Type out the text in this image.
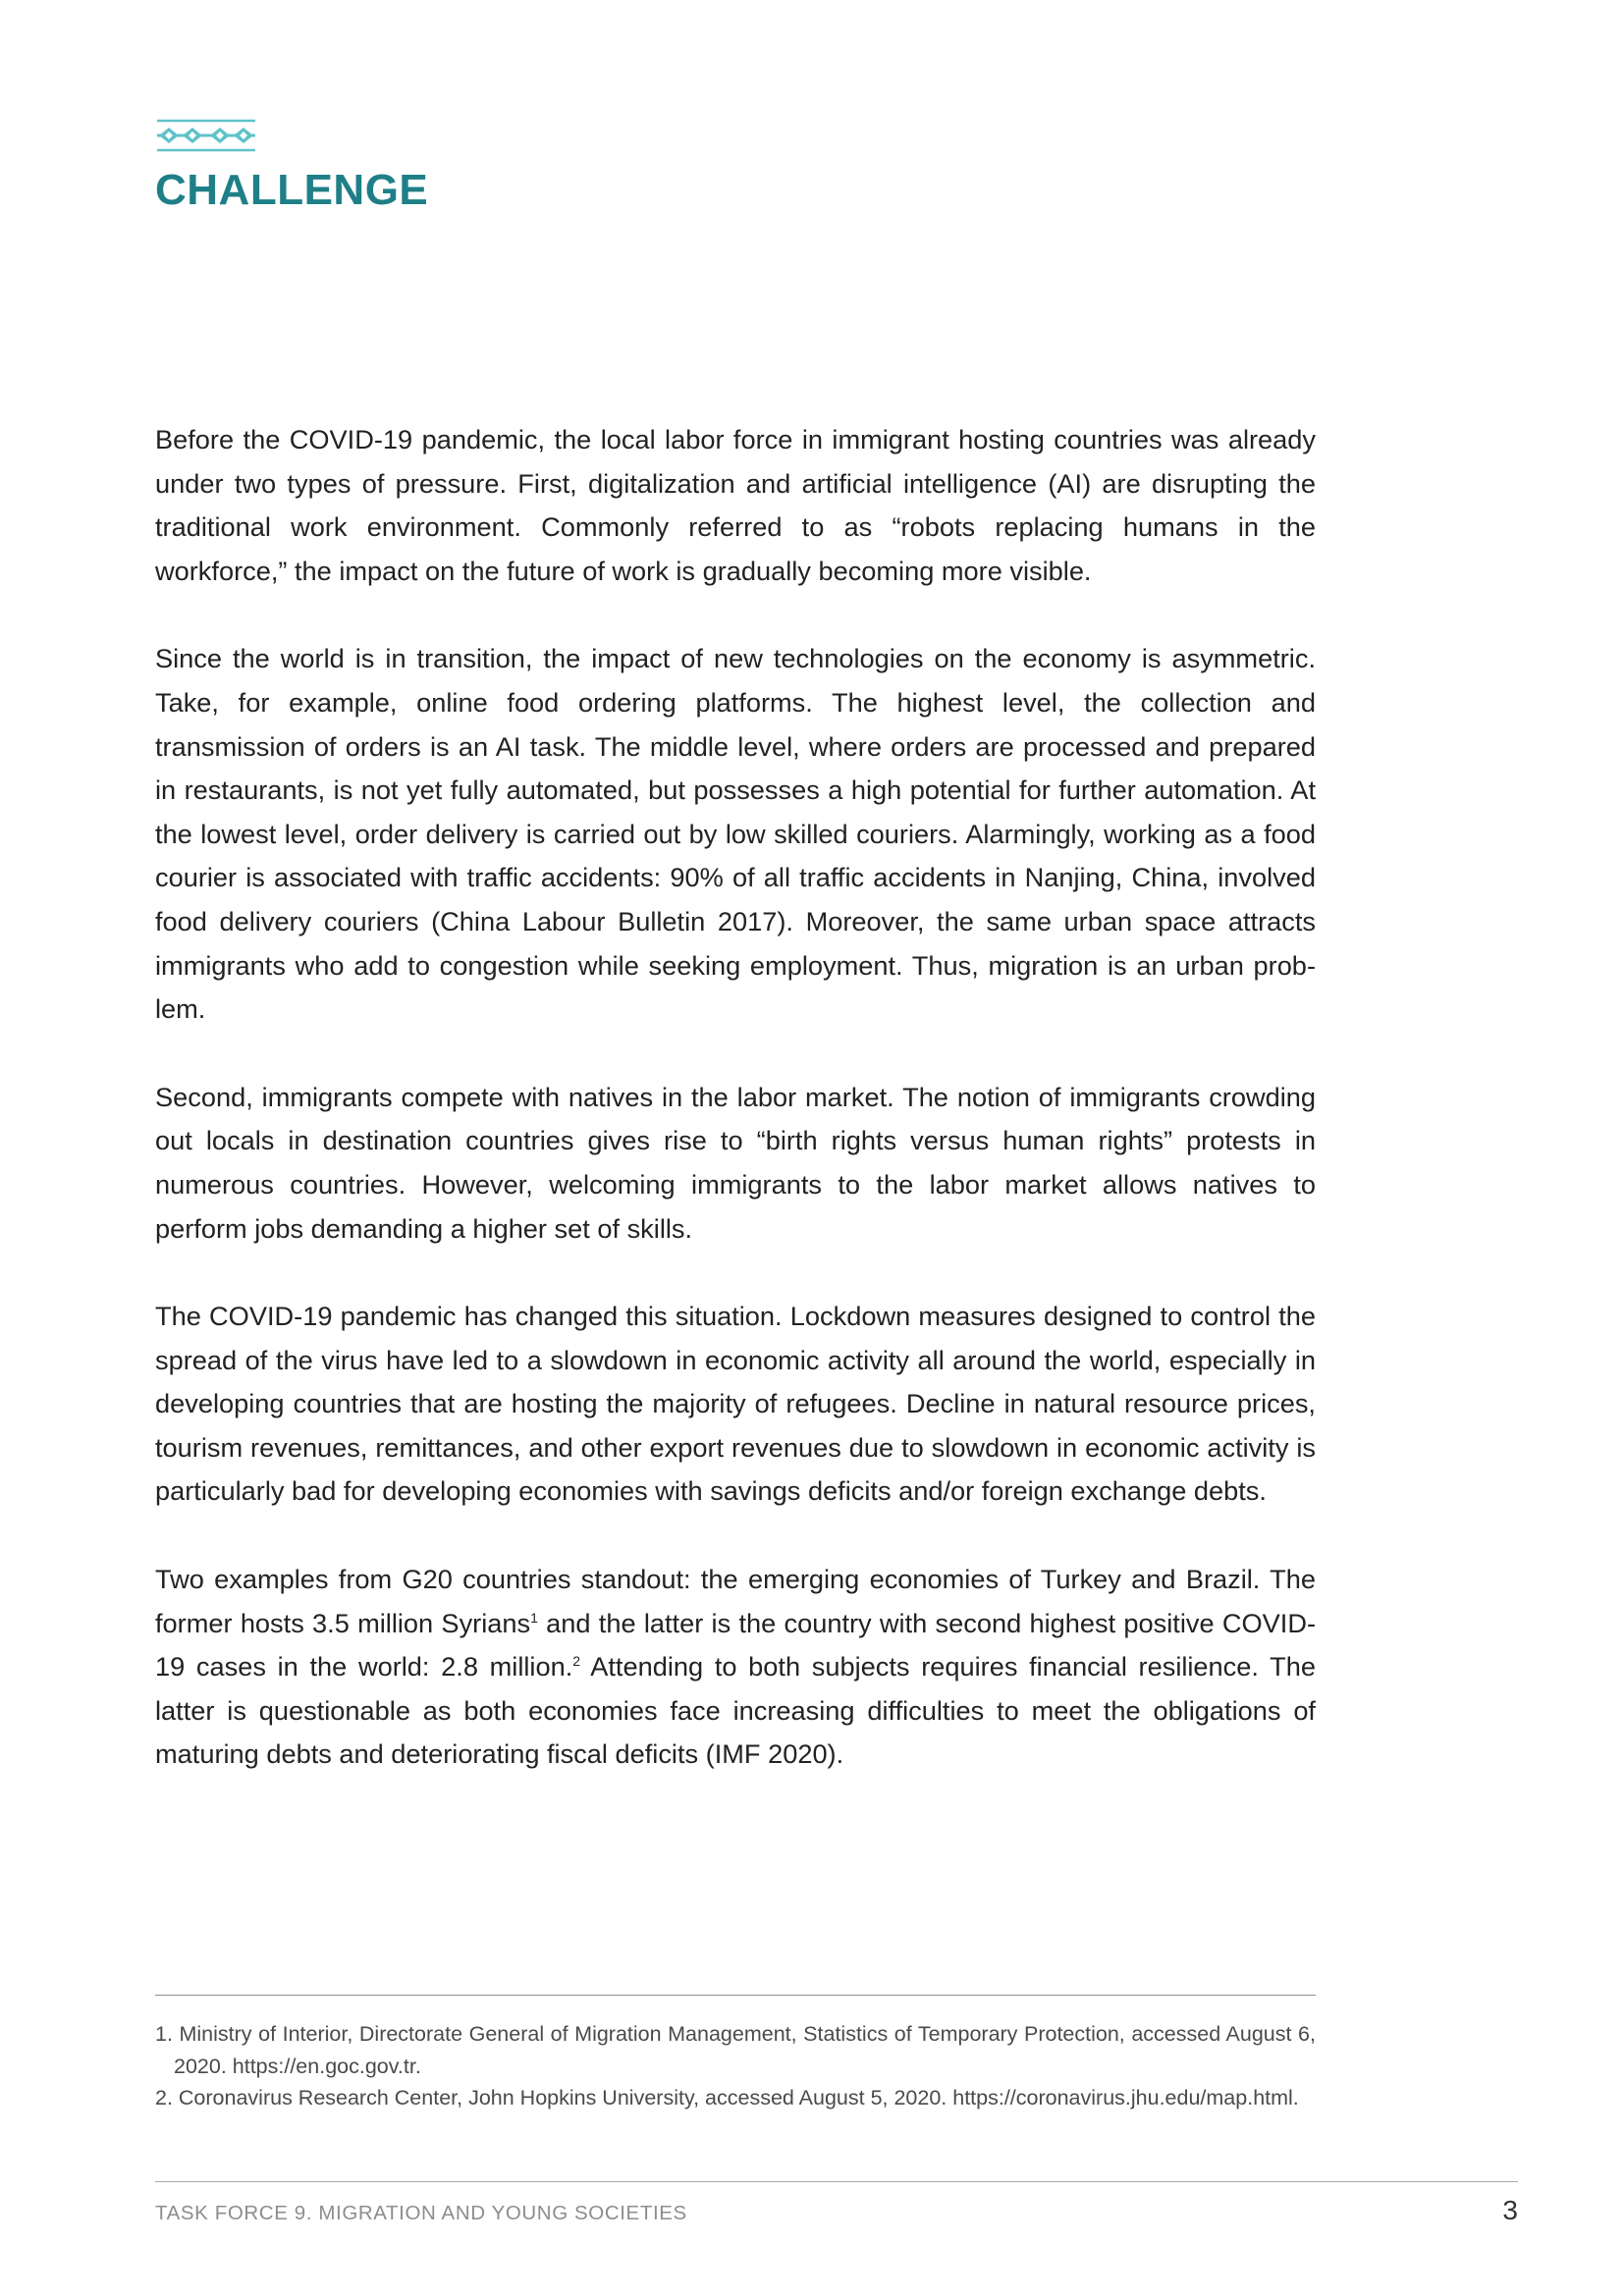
CHALLENGE

Before the COVID-19 pandemic, the local labor force in immigrant hosting countries was already under two types of pressure. First, digitalization and artificial intelligence (AI) are disrupting the traditional work environment. Commonly referred to as “robots replacing humans in the workforce,” the impact on the future of work is gradually becoming more visible.

Since the world is in transition, the impact of new technologies on the economy is asymmetric. Take, for example, online food ordering platforms. The highest level, the collection and transmission of orders is an AI task. The middle level, where orders are processed and prepared in restaurants, is not yet fully automated, but possesses a high potential for further automation. At the lowest level, order delivery is carried out by low skilled couriers. Alarmingly, working as a food courier is associated with traffic accidents: 90% of all traffic accidents in Nanjing, China, involved food delivery couriers (China Labour Bulletin 2017). Moreover, the same urban space attracts immigrants who add to congestion while seeking employment. Thus, migration is an urban problem.

Second, immigrants compete with natives in the labor market. The notion of immigrants crowding out locals in destination countries gives rise to “birth rights versus human rights” protests in numerous countries. However, welcoming immigrants to the labor market allows natives to perform jobs demanding a higher set of skills.

The COVID-19 pandemic has changed this situation. Lockdown measures designed to control the spread of the virus have led to a slowdown in economic activity all around the world, especially in developing countries that are hosting the majority of refugees. Decline in natural resource prices, tourism revenues, remittances, and other export revenues due to slowdown in economic activity is particularly bad for developing economies with savings deficits and/or foreign exchange debts.

Two examples from G20 countries standout: the emerging economies of Turkey and Brazil. The former hosts 3.5 million Syrians$^1$ and the latter is the country with second highest positive COVID-19 cases in the world: 2.8 million.$^2$ Attending to both subjects requires financial resilience. The latter is questionable as both economies face increasing difficulties to meet the obligations of maturing debts and deteriorating fiscal deficits (IMF 2020).

1. Ministry of Interior, Directorate General of Migration Management, Statistics of Temporary Protection, accessed August 6, 2020. https://en.goc.gov.tr.

2. Coronavirus Research Center, John Hopkins University, accessed August 5, 2020. https://coronavirus.jhu.edu/map.html.

TASK FORCE 9. MIGRATION AND YOUNG SOCIETIES	3
